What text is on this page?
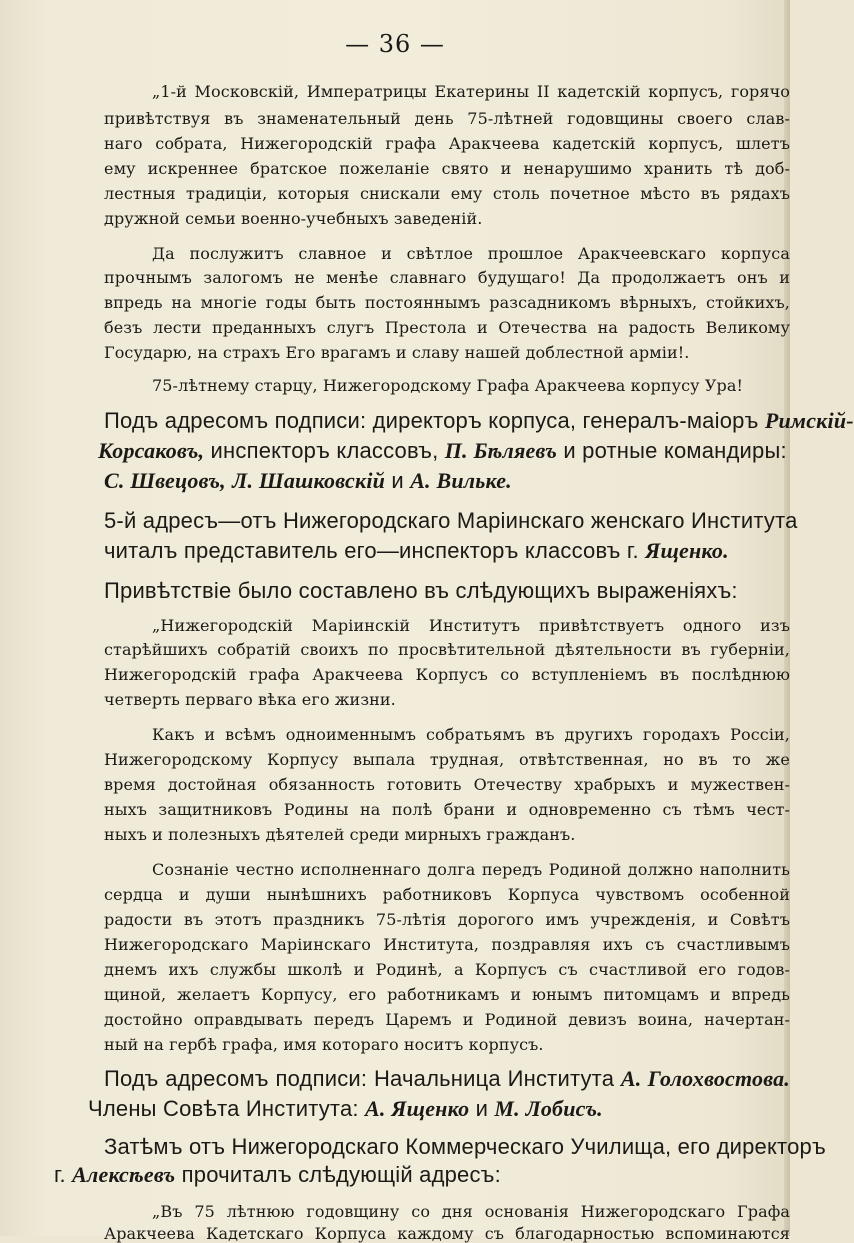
— 36 —
„1-й Московскій, Императрицы Екатерины II кадетскій корпусъ, горячо
привѣтствуя въ знаменательный день 75-лѣтней годовщины своего слав-
наго собрата, Нижегородскій графа Аракчеева кадетскій корпусъ, шлетъ
ему искреннее братское пожеланіе свято и ненарушимо хранить тѣ доб-
лестныя традиціи, которыя снискали ему столь почетное мѣсто въ рядахъ
дружной семьи военно-учебныхъ заведеній.
Да послужитъ славное и свѣтлое прошлое Аракчеевскаго корпуса
прочнымъ залогомъ не менѣе славнаго будущаго! Да продолжаетъ онъ и
впредь на многіе годы быть постояннымъ разсадникомъ вѣрныхъ, стойкихъ,
безъ лести преданныхъ слугъ Престола и Отечества на радость Великому
Государю, на страхъ Его врагамъ и славу нашей доблестной арміи!.
75-лѣтнему старцу, Нижегородскому Графа Аракчеева корпусу Ура!
Подъ адресомъ подписи: директоръ корпуса, генералъ-маіоръ Римскій-
Корсаковъ, инспекторъ классовъ, П. Бѣляевъ и ротные командиры:
С. Швецовъ, Л. Шашковскій и А. Вильке.
5-й адресъ—отъ Нижегородскаго Маріинскаго женскаго Института
читалъ представитель его—инспекторъ классовъ г. Ященко.
Привѣтствіе было составлено въ слѣдующихъ выраженіяхъ:
„Нижегородскій Маріинскій Институтъ привѣтствуетъ одного изъ
старѣйшихъ собратій своихъ по просвѣтительной дѣятельности въ губерніи,
Нижегородскій графа Аракчеева Корпусъ со вступленіемъ въ послѣднюю
четверть перваго вѣка его жизни.
Какъ и всѣмъ одноименнымъ собратьямъ въ другихъ городахъ Россіи,
Нижегородскому Корпусу выпала трудная, отвѣтственная, но въ то же
время достойная обязанность готовить Отечеству храбрыхъ и мужествен-
ныхъ защитниковъ Родины на полѣ брани и одновременно съ тѣмъ чест-
ныхъ и полезныхъ дѣятелей среди мирныхъ гражданъ.
Сознаніе честно исполненнаго долга передъ Родиной должно наполнить
сердца и души нынѣшнихъ работниковъ Корпуса чувствомъ особенной
радости въ этотъ праздникъ 75-лѣтія дорогого имъ учрежденія, и Совѣтъ
Нижегородскаго Маріинскаго Института, поздравляя ихъ съ счастливымъ
днемъ ихъ службы школѣ и Родинѣ, а Корпусъ съ счастливой его годов-
щиной, желаетъ Корпусу, его работникамъ и юнымъ питомцамъ и впредь
достойно оправдывать передъ Царемъ и Родиной девизъ воина, начертан-
ный на гербѣ графа, имя котораго носитъ корпусъ.
Подъ адресомъ подписи: Начальница Института А. Голохвостова.
Члены Совѣта Института: А. Ященко и М. Лобисъ.
Затѣмъ отъ Нижегородскаго Коммерческаго Училища, его директоръ
г. Алексѣевъ прочиталъ слѣдующій адресъ:
„Въ 75 лѣтнюю годовщину со дня основанія Нижегородскаго Графа
Аракчеева Кадетскаго Корпуса каждому съ благодарностью вспоминаются
